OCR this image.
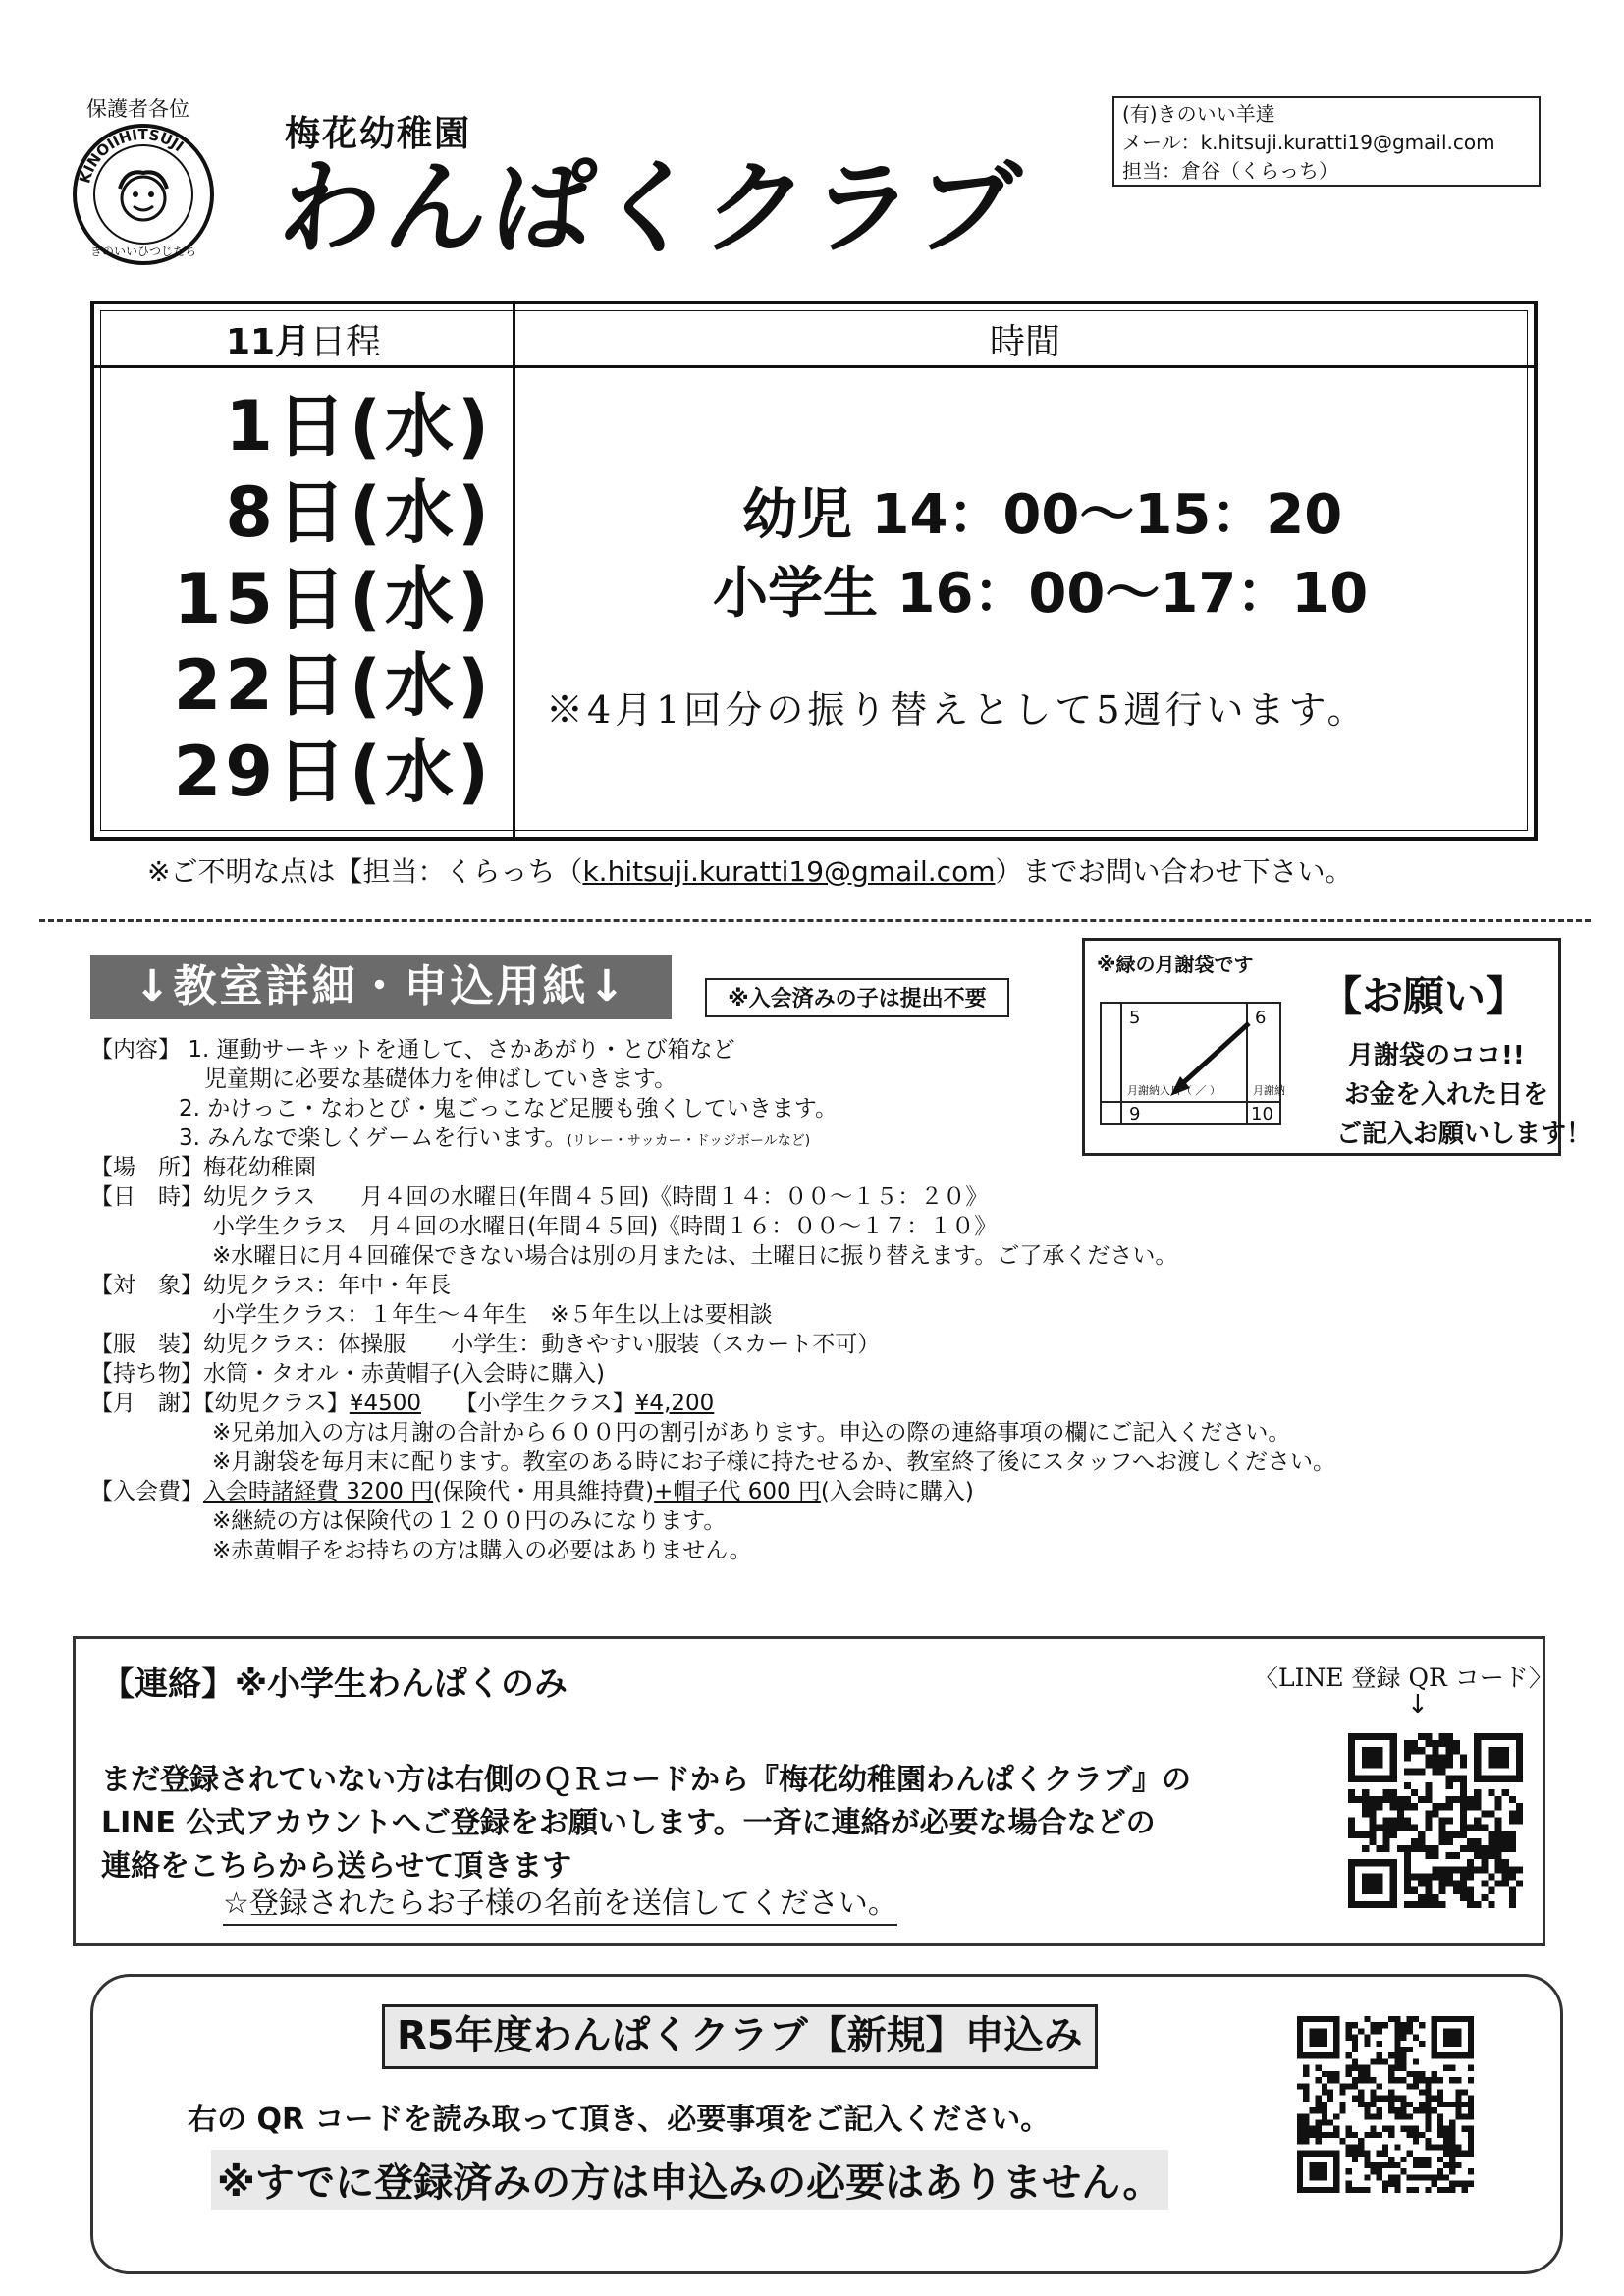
保護者各位
KINOIIHITSUJI
きのいいひつじたち
梅花幼稚園
わんぱくクラブ
(有)きのいい羊達
メール：k.hitsuji.kuratti19@gmail.com
担当：倉谷（くらっち）
11月日程	時間
1日(水)
8日(水)
15日(水)
22日(水)
29日(水)
幼児 14：00〜15：20
小学生 16：00〜17：10
※4月1回分の振り替えとして5週行います。
※ご不明な点は【担当：くらっち（k.hitsuji.kuratti19@gmail.com）までお問い合わせ下さい。
↓教室詳細・申込用紙↓	※入会済みの子は提出不要
※緑の月謝袋です
5	6
9	10
月謝納入日（ ／ ）	月謝納
【お願い】
月謝袋のココ!!
お金を入れた日を
ご記入お願いします！
【内容】 1. 運動サーキットを通して、さかあがり・とび箱など
児童期に必要な基礎体力を伸ばしていきます。
2. かけっこ・なわとび・鬼ごっこなど足腰も強くしていきます。
3. みんなで楽しくゲームを行います。(リレー・サッカー・ドッジボールなど)
【場　所】梅花幼稚園
【日　時】幼児クラス　　月４回の水曜日(年間４５回)《時間１４：００〜１５：２０》
小学生クラス　月４回の水曜日(年間４５回)《時間１６：００〜１７：１０》
※水曜日に月４回確保できない場合は別の月または、土曜日に振り替えます。ご了承ください。
【対　象】幼児クラス：年中・年長
小学生クラス：１年生〜４年生　※５年生以上は要相談
【服　装】幼児クラス：体操服　　小学生：動きやすい服装（スカート不可）
【持ち物】水筒・タオル・赤黄帽子(入会時に購入)
【月　謝】【幼児クラス】¥4500　　 【小学生クラス】¥4,200
※兄弟加入の方は月謝の合計から６００円の割引があります。申込の際の連絡事項の欄にご記入ください。
※月謝袋を毎月末に配ります。教室のある時にお子様に持たせるか、教室終了後にスタッフへお渡しください。
【入会費】入会時諸経費 3200 円(保険代・用具維持費)+帽子代 600 円(入会時に購入)
※継続の方は保険代の１２００円のみになります。
※赤黄帽子をお持ちの方は購入の必要はありません。
【連絡】※小学生わんぱくのみ	〈LINE 登録 QR コード〉
↓
まだ登録されていない方は右側のＱＲコードから『梅花幼稚園わんぱくクラブ』の
LINE 公式アカウントへご登録をお願いします。一斉に連絡が必要な場合などの
連絡をこちらから送らせて頂きます
☆登録されたらお子様の名前を送信してください。
R5年度わんぱくクラブ【新規】申込み
右の QR コードを読み取って頂き、必要事項をご記入ください。
※すでに登録済みの方は申込みの必要はありません。
